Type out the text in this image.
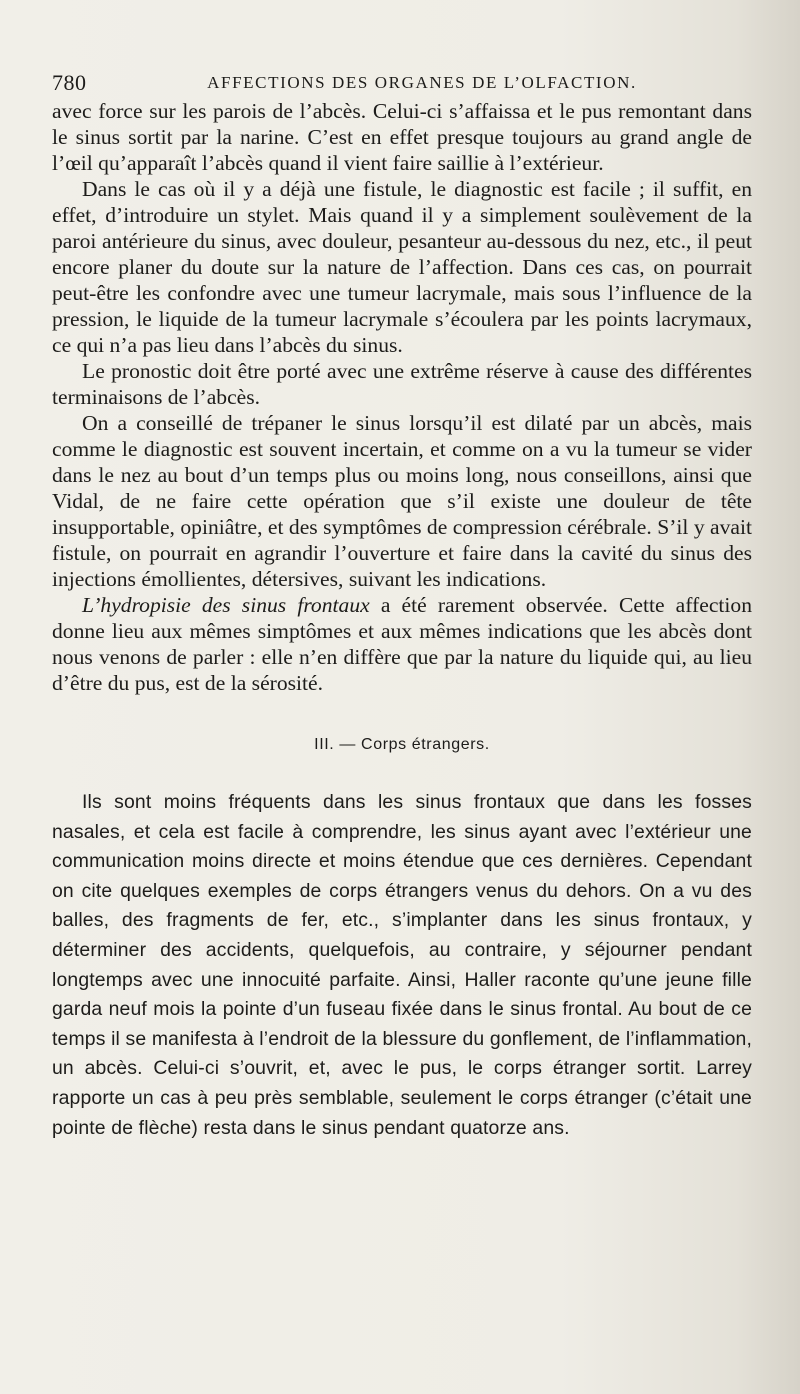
780	AFFECTIONS DES ORGANES DE L’OLFACTION.

avec force sur les parois de l’abcès. Celui-ci s’affaissa et le pus remontant dans le sinus sortit par la narine. C’est en effet presque toujours au grand angle de l’œil qu’apparaît l’abcès quand il vient faire saillie à l’extérieur.

Dans le cas où il y a déjà une fistule, le diagnostic est facile ; il suffit, en effet, d’introduire un stylet. Mais quand il y a simplement soulèvement de la paroi antérieure du sinus, avec douleur, pesanteur au-dessous du nez, etc., il peut encore planer du doute sur la nature de l’affection. Dans ces cas, on pourrait peut-être les confondre avec une tumeur lacrymale, mais sous l’influence de la pression, le liquide de la tumeur lacrymale s’écoulera par les points lacrymaux, ce qui n’a pas lieu dans l’abcès du sinus.

Le pronostic doit être porté avec une extrême réserve à cause des différentes terminaisons de l’abcès.

On a conseillé de trépaner le sinus lorsqu’il est dilaté par un abcès, mais comme le diagnostic est souvent incertain, et comme on a vu la tumeur se vider dans le nez au bout d’un temps plus ou moins long, nous conseillons, ainsi que Vidal, de ne faire cette opération que s’il existe une douleur de tête insupportable, opiniâtre, et des symptômes de compression cérébrale. S’il y avait fistule, on pourrait en agrandir l’ouverture et faire dans la cavité du sinus des injections émollientes, détersives, suivant les indications.

L’hydropisie des sinus frontaux a été rarement observée. Cette affection donne lieu aux mêmes simptômes et aux mêmes indications que les abcès dont nous venons de parler : elle n’en diffère que par la nature du liquide qui, au lieu d’être du pus, est de la sérosité.

III. — Corps étrangers.

Ils sont moins fréquents dans les sinus frontaux que dans les fosses nasales, et cela est facile à comprendre, les sinus ayant avec l’extérieur une communication moins directe et moins étendue que ces dernières. Cependant on cite quelques exemples de corps étrangers venus du dehors. On a vu des balles, des fragments de fer, etc., s’implanter dans les sinus frontaux, y déterminer des accidents, quelquefois, au contraire, y séjourner pendant longtemps avec une innocuité parfaite. Ainsi, Haller raconte qu’une jeune fille garda neuf mois la pointe d’un fuseau fixée dans le sinus frontal. Au bout de ce temps il se manifesta à l’endroit de la blessure du gonflement, de l’inflammation, un abcès. Celui-ci s’ouvrit, et, avec le pus, le corps étranger sortit. Larrey rapporte un cas à peu près semblable, seulement le corps étranger (c’était une pointe de flèche) resta dans le sinus pendant quatorze ans.
